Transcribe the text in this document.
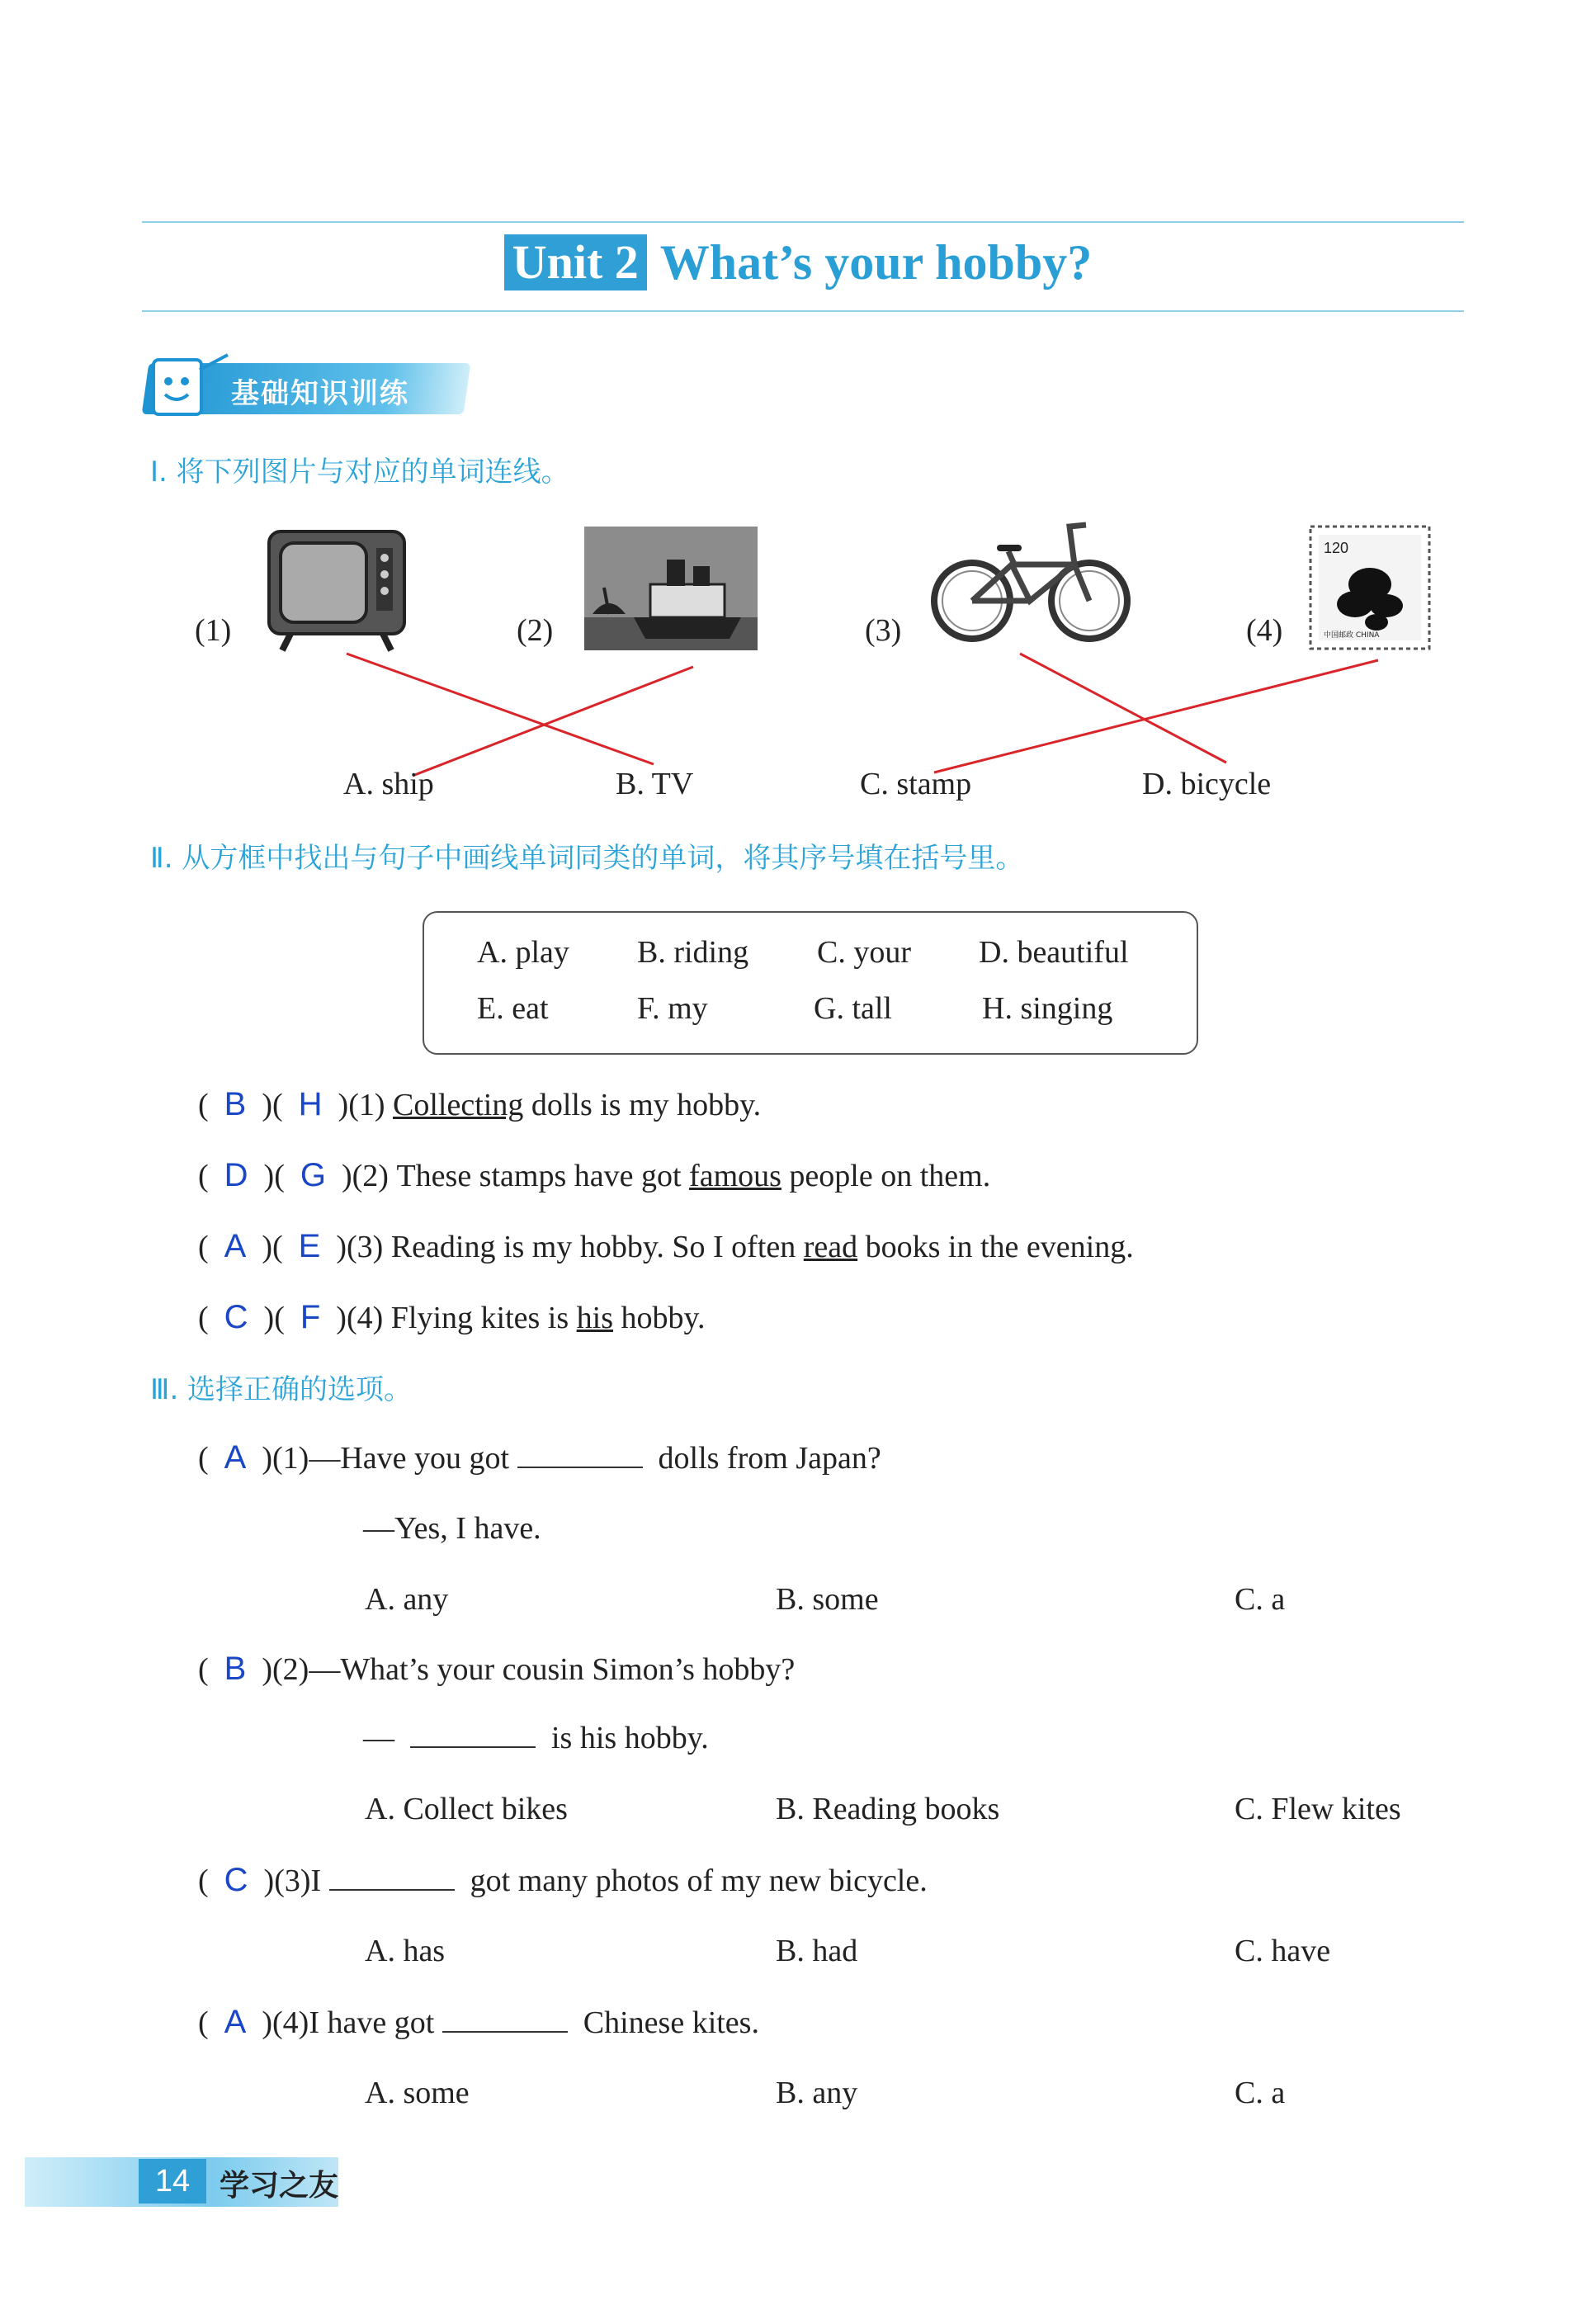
Unit 2 What’s your hobby?
基础知识训练
Ⅰ. 将下列图片与对应的单词连线。
(1)	(2)	(3)	(4)
120
中国邮政 CHINA
A. ship	B. TV	C. stamp	D. bicycle
Ⅱ. 从方框中找出与句子中画线单词同类的单词，将其序号填在括号里。
A. play B. riding C. your D. beautiful
E. eat	F. my	G. tall	H. singing
(  B  )(  H  )(1) Collecting dolls is my hobby.
(  D  )(  G  )(2) These stamps have got famous people on them.
(  A  )(  E  )(3) Reading is my hobby. So I often read books in the evening.
(  C  )(  F  )(4) Flying kites is his hobby.
Ⅲ. 选择正确的选项。
(  A  )(1)—Have you got	dolls from Japan?
—Yes, I have.
A. any	B. some	C. a
(  B  )(2)—What’s your cousin Simon’s hobby?
—	is his hobby.
A. Collect bikes	B. Reading books	C. Flew kites
(  C  )(3)I	got many photos of my new bicycle.
A. has	B. had	C. have
(  A  )(4)I have got	Chinese kites.
A. some	B. any	C. a
14 学习之友
